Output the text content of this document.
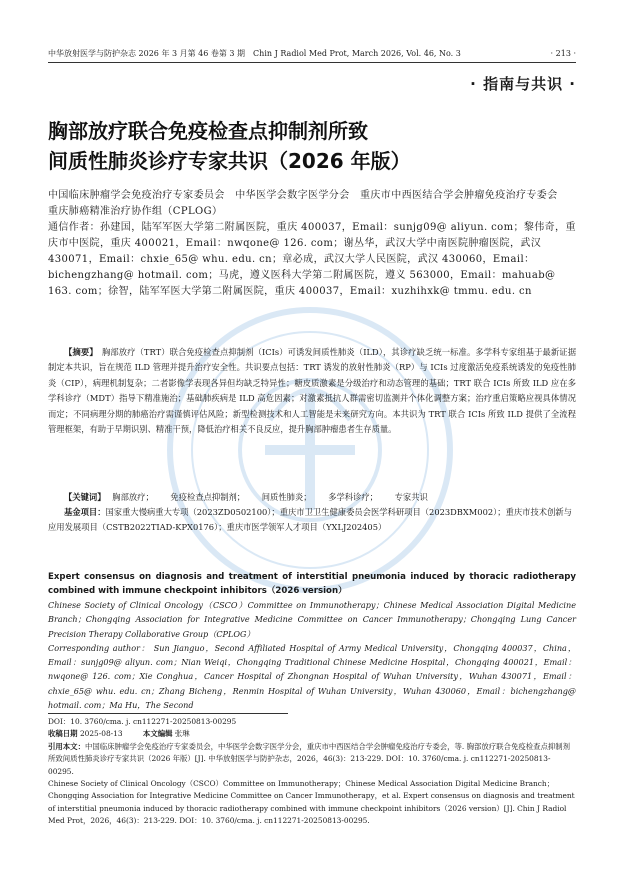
中华放射医学与防护杂志 2026 年 3 月第 46 卷第 3 期　Chin J Radiol Med Prot, March 2026, Vol. 46, No. 3	· 213 ·
· 指南与共识 ·
胸部放疗联合免疫检查点抑制剂所致
间质性肺炎诊疗专家共识（2026 年版）
中国临床肿瘤学会免疫治疗专家委员会　中华医学会数字医学分会　重庆市中西医结合学会肿瘤免疫治疗专委会　重庆肺癌精准治疗协作组（CPLOG）
通信作者：孙建国，陆军军医大学第二附属医院，重庆 400037，Email：sunjg09@ aliyun. com；黎伟奇，重庆市中医院，重庆 400021，Email：nwqone@ 126. com；谢丛华，武汉大学中南医院肿瘤医院，武汉 430071，Email：chxie_65@ whu. edu. cn；章必成，武汉大学人民医院，武汉 430060，Email：bichengzhang@ hotmail. com；马虎，遵义医科大学第二附属医院，遵义 563000，Email：mahuab@ 163. com；徐智，陆军军医大学第二附属医院，重庆 400037，Email：xuzhihxk@ tmmu. edu. cn
【摘要】　 胸部放疗（TRT）联合免疫检查点抑制剂（ICIs）可诱发间质性肺炎（ILD），其诊疗缺乏统一标准。多学科专家组基于最新证据制定本共识，旨在规范 ILD 管理并提升治疗安全性。共识要点包括：TRT 诱发的放射性肺炎（RP）与 ICIs 过度激活免疫系统诱发的免疫性肺炎（CIP），病理机制复杂；二者影像学表现各异但均缺乏特异性；糖皮质激素是分级治疗和动态管理的基础；TRT 联合 ICIs 所致 ILD 应在多学科诊疗（MDT）指导下精准施治；基础肺疾病是 ILD 高危因素；对激素抵抗人群需密切监测并个体化调整方案；治疗重启策略应视具体情况而定；不同病理分期的肺癌治疗需谨慎评估风险；新型检测技术和人工智能是未来研究方向。本共识为 TRT 联合 ICIs 所致 ILD 提供了全流程管理框架，有助于早期识别、精准干预，降低治疗相关不良反应，提升胸部肿瘤患者生存质量。
【关键词】　 胸部放疗； 免疫检查点抑制剂； 间质性肺炎； 多学科诊疗； 专家共识
基金项目：国家重大慢病重大专项（2023ZD0502100）；重庆市卫卫生健康委员会医学科研项目（2023DBXM002）；重庆市技术创新与应用发展项目（CSTB2022TIAD-KPX0176）；重庆市医学领军人才项目（YXLJ202405）
Expert consensus on diagnosis and treatment of interstitial pneumonia induced by thoracic radiotherapy combined with immune checkpoint inhibitors（2026 version）
Chinese Society of Clinical Oncology（CSCO）Committee on Immunotherapy；Chinese Medical Association Digital Medicine Branch；Chongqing Association for Integrative Medicine Committee on Cancer Immunotherapy；Chongqing Lung Cancer Precision Therapy Collaborative Group（CPLOG）
Corresponding author： Sun Jianguo，Second Affiliated Hospital of Army Medical University，Chongqing 400037，China，Email：sunjg09@ aliyun. com；Nian Weiqi，Chongqing Traditional Chinese Medicine Hospital，Chongqing 400021，Email：nwqone@ 126. com；Xie Conghua，Cancer Hospital of Zhongnan Hospital of Wuhan University，Wuhan 430071，Email：chxie_65@ whu. edu. cn；Zhang Bicheng，Renmin Hospital of Wuhan University，Wuhan 430060，Email：bichengzhang@ hotmail. com；Ma Hu，The Second
DOI：10. 3760/cma. j. cn112271-20250813-00295
收稿日期 2025-08-13	本文编辑 张琳
引用本文：中国临床肿瘤学会免疫治疗专家委员会，中华医学会数字医学分会，重庆市中西医结合学会肿瘤免疫治疗专委会，等. 胸部放疗联合免疫检查点抑制剂所致间质性肺炎诊疗专家共识（2026 年版）[J]. 中华放射医学与防护杂志，2026，46(3)：213-229. DOI：10. 3760/cma. j. cn112271-20250813-00295.
Chinese Society of Clinical Oncology（CSCO）Committee on Immunotherapy；Chinese Medical Association Digital Medicine Branch；Chongqing Association for Integrative Medicine Committee on Cancer Immunotherapy，et al. Expert consensus on diagnosis and treatment of interstitial pneumonia induced by thoracic radiotherapy combined with immune checkpoint inhibitors（2026 version）[J]. Chin J Radiol Med Prot，2026，46(3)：213-229. DOI：10. 3760/cma. j. cn112271-20250813-00295.
